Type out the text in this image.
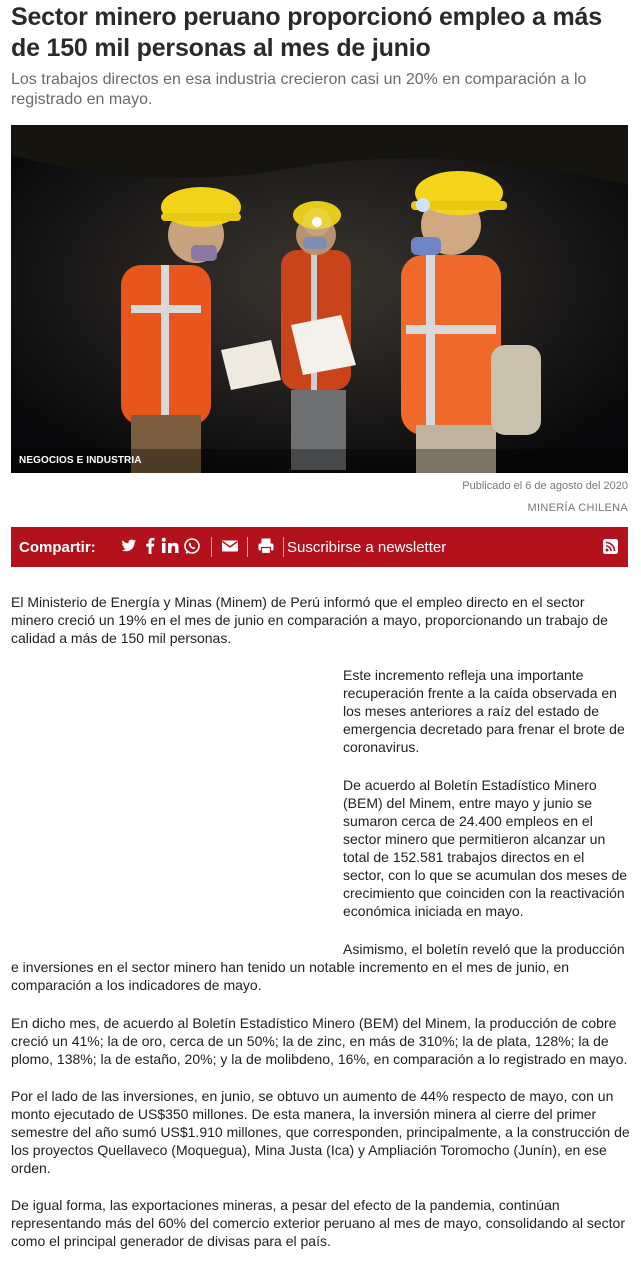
Sector minero peruano proporcionó empleo a más de 150 mil personas al mes de junio

Los trabajos directos en esa industria crecieron casi un 20% en comparación a lo registrado en mayo.

NEGOCIOS E INDUSTRIA
Publicado el 6 de agosto del 2020
MINERÍA CHILENA
Compartir:	Suscribirse a newsletter

El Ministerio de Energía y Minas (Minem) de Perú informó que el empleo directo en el sector minero creció un 19% en el mes de junio en comparación a mayo, proporcionando un trabajo de calidad a más de 150 mil personas.

Este incremento refleja una importante recuperación frente a la caída observada en los meses anteriores a raíz del estado de emergencia decretado para frenar el brote de coronavirus.

De acuerdo al Boletín Estadístico Minero (BEM) del Minem, entre mayo y junio se sumaron cerca de 24.400 empleos en el sector minero que permitieron alcanzar un total de 152.581 trabajos directos en el sector, con lo que se acumulan dos meses de crecimiento que coinciden con la reactivación económica iniciada en mayo.

Asimismo, el boletín reveló que la producción e inversiones en el sector minero han tenido un notable incremento en el mes de junio, en comparación a los indicadores de mayo.

En dicho mes, de acuerdo al Boletín Estadístico Minero (BEM) del Minem, la producción de cobre creció un 41%; la de oro, cerca de un 50%; la de zinc, en más de 310%; la de plata, 128%; la de plomo, 138%; la de estaño, 20%; y la de molibdeno, 16%, en comparación a lo registrado en mayo.

Por el lado de las inversiones, en junio, se obtuvo un aumento de 44% respecto de mayo, con un monto ejecutado de US$350 millones. De esta manera, la inversión minera al cierre del primer semestre del año sumó US$1.910 millones, que corresponden, principalmente, a la construcción de los proyectos Quellaveco (Moquegua), Mina Justa (Ica) y Ampliación Toromocho (Junín), en ese orden.

De igual forma, las exportaciones mineras, a pesar del efecto de la pandemia, continúan representando más del 60% del comercio exterior peruano al mes de mayo, consolidando al sector como el principal generador de divisas para el país.
